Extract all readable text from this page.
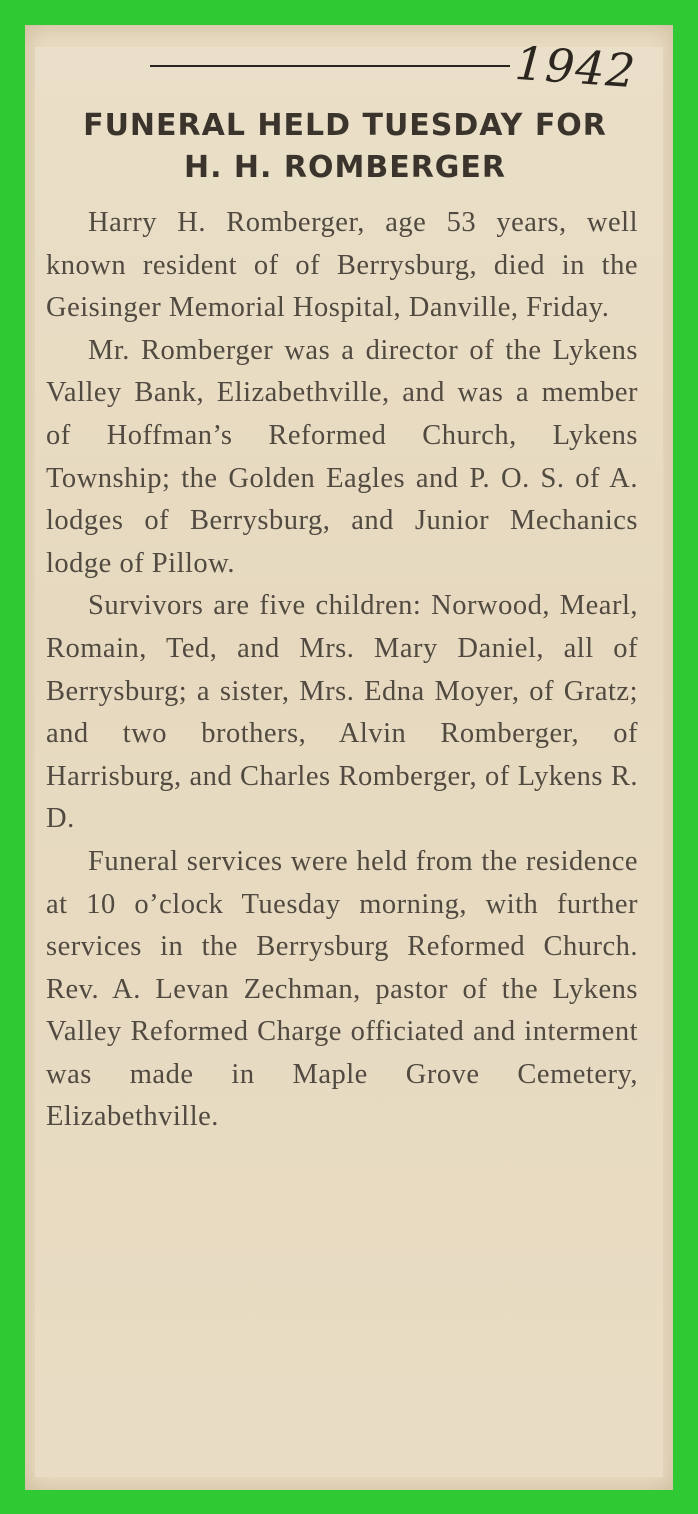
1942
FUNERAL HELD TUESDAY FOR
H. H. ROMBERGER

Harry H. Romberger, age 53 years, well known resident of of Berrysburg, died in the Geisinger Memorial Hospital, Danville, Friday.

Mr. Romberger was a director of the Lykens Valley Bank, Elizabethville, and was a member of Hoffman’s Reformed Church, Lykens Township; the Golden Eagles and P. O. S. of A. lodges of Berrysburg, and Junior Mechanics lodge of Pillow.

Survivors are five children: Norwood, Mearl, Romain, Ted, and Mrs. Mary Daniel, all of Berrysburg; a sister, Mrs. Edna Moyer, of Gratz; and two brothers, Alvin Romberger, of Harrisburg, and Charles Romberger, of Lykens R. D.

Funeral services were held from the residence at 10 o’clock Tuesday morning, with further services in the Berrysburg Reformed Church. Rev. A. Levan Zechman, pastor of the Lykens Valley Reformed Charge officiated and interment was made in Maple Grove Cemetery, Elizabethville.
